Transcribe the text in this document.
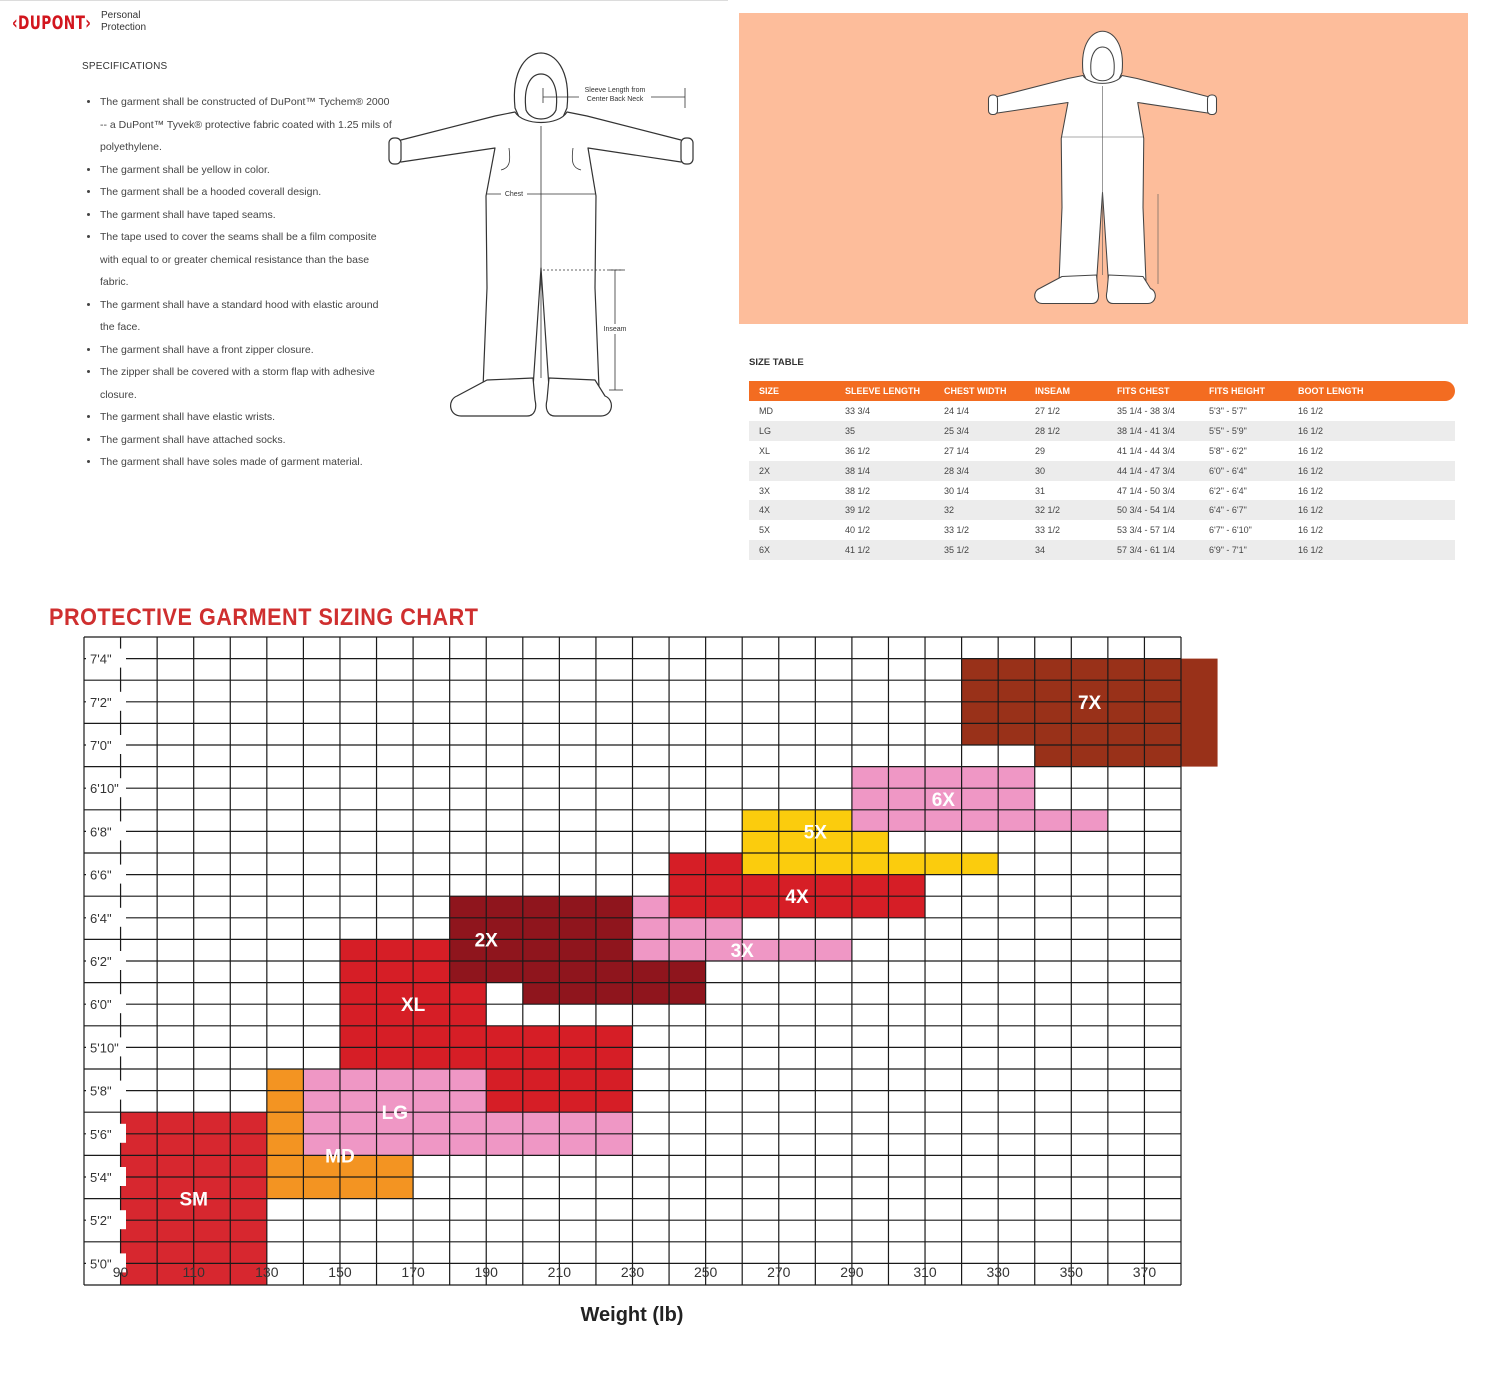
‹DUPONT› Personal
Protection
SPECIFICATIONS
• The garment shall be constructed of DuPont™ Tychem® 2000 -- a DuPont™ Tyvek® protective fabric coated with 1.25 mils of polyethylene.
• The garment shall be yellow in color.
• The garment shall be a hooded coverall design.
• The garment shall have taped seams.
• The tape used to cover the seams shall be a film composite with equal to or greater chemical resistance than the base fabric.
• The garment shall have a standard hood with elastic around the face.
• The garment shall have a front zipper closure.
• The zipper shall be covered with a storm flap with adhesive closure.
• The garment shall have elastic wrists.
• The garment shall have attached socks.
• The garment shall have soles made of garment material.
Sleeve Length from
Center Back Neck
Chest
Inseam
SIZE TABLE
SIZE	SLEEVE LENGTH	CHEST WIDTH	INSEAM	FITS CHEST	FITS HEIGHT	BOOT LENGTH
MD	33 3/4	24 1/4	27 1/2	35 1/4 - 38 3/4	5'3" - 5'7"	16 1/2
LG	35	25 3/4	28 1/2	38 1/4 - 41 3/4	5'5" - 5'9"	16 1/2
XL	36 1/2	27 1/4	29	41 1/4 - 44 3/4	5'8" - 6'2"	16 1/2
2X	38 1/4	28 3/4	30	44 1/4 - 47 3/4	6'0" - 6'4"	16 1/2
3X	38 1/2	30 1/4	31	47 1/4 - 50 3/4	6'2" - 6'4"	16 1/2
4X	39 1/2	32	32 1/2	50 3/4 - 54 1/4	6'4" - 6'7"	16 1/2
5X	40 1/2	33 1/2	33 1/2	53 3/4 - 57 1/4	6'7" - 6'10"	16 1/2
6X	41 1/2	35 1/2	34	57 3/4 - 61 1/4	6'9" - 7'1"	16 1/2
PROTECTIVE GARMENT SIZING CHART
SM
MD
LG
XL
2X
3X
4X
5X
6X
7X
5'0"
5'2"
5'4"
5'6"
5'8"
5'10"
6'0"
6'2"
6'4"
6'6"
6'8"
6'10"
7'0"
7'2"
7'4"
90	110	130	150	170	190	210	230	250	270	290	310	330	350	370
Weight (lb)
